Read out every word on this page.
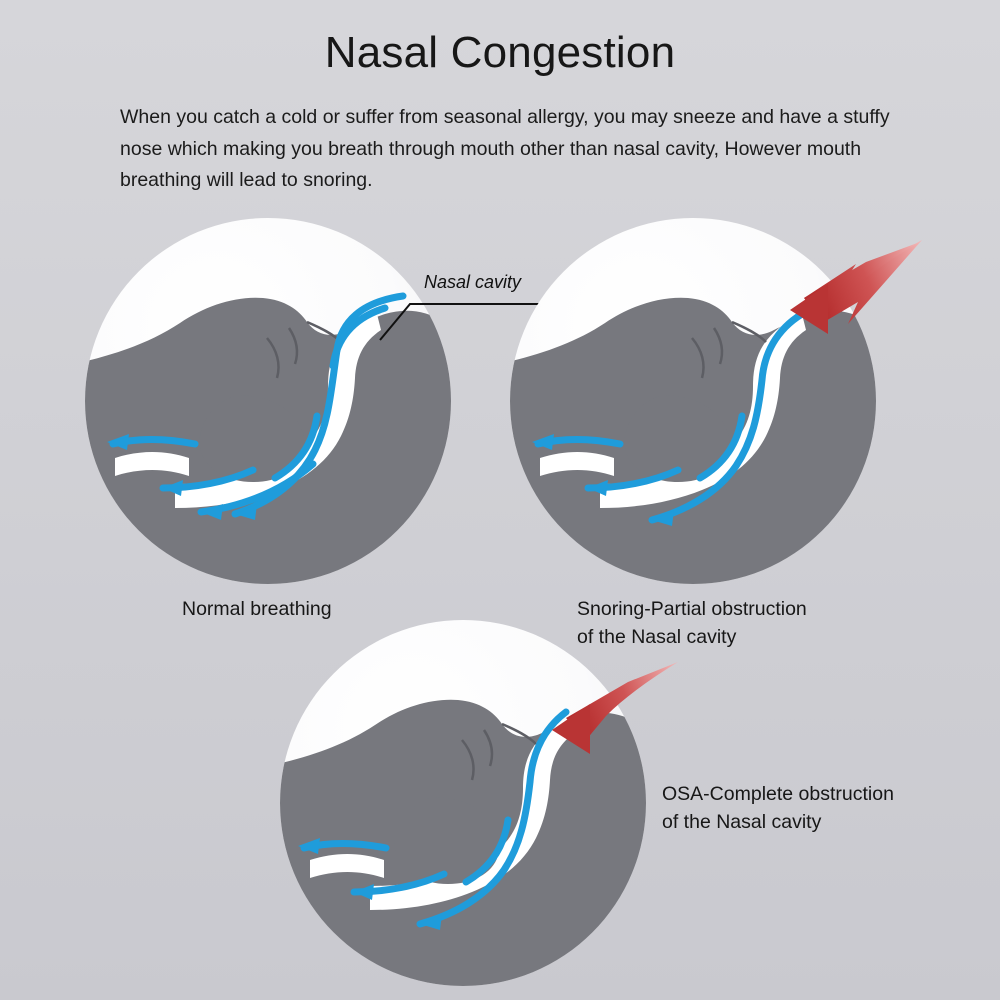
Nasal Congestion
When you catch a cold or suffer from seasonal allergy, you may sneeze and have a stuffy nose which making you breath through mouth other than nasal cavity, However mouth breathing will lead to snoring.
Nasal cavity
Normal breathing	Snoring-Partial obstruction
of the Nasal cavity
OSA-Complete obstruction
of the Nasal cavity
